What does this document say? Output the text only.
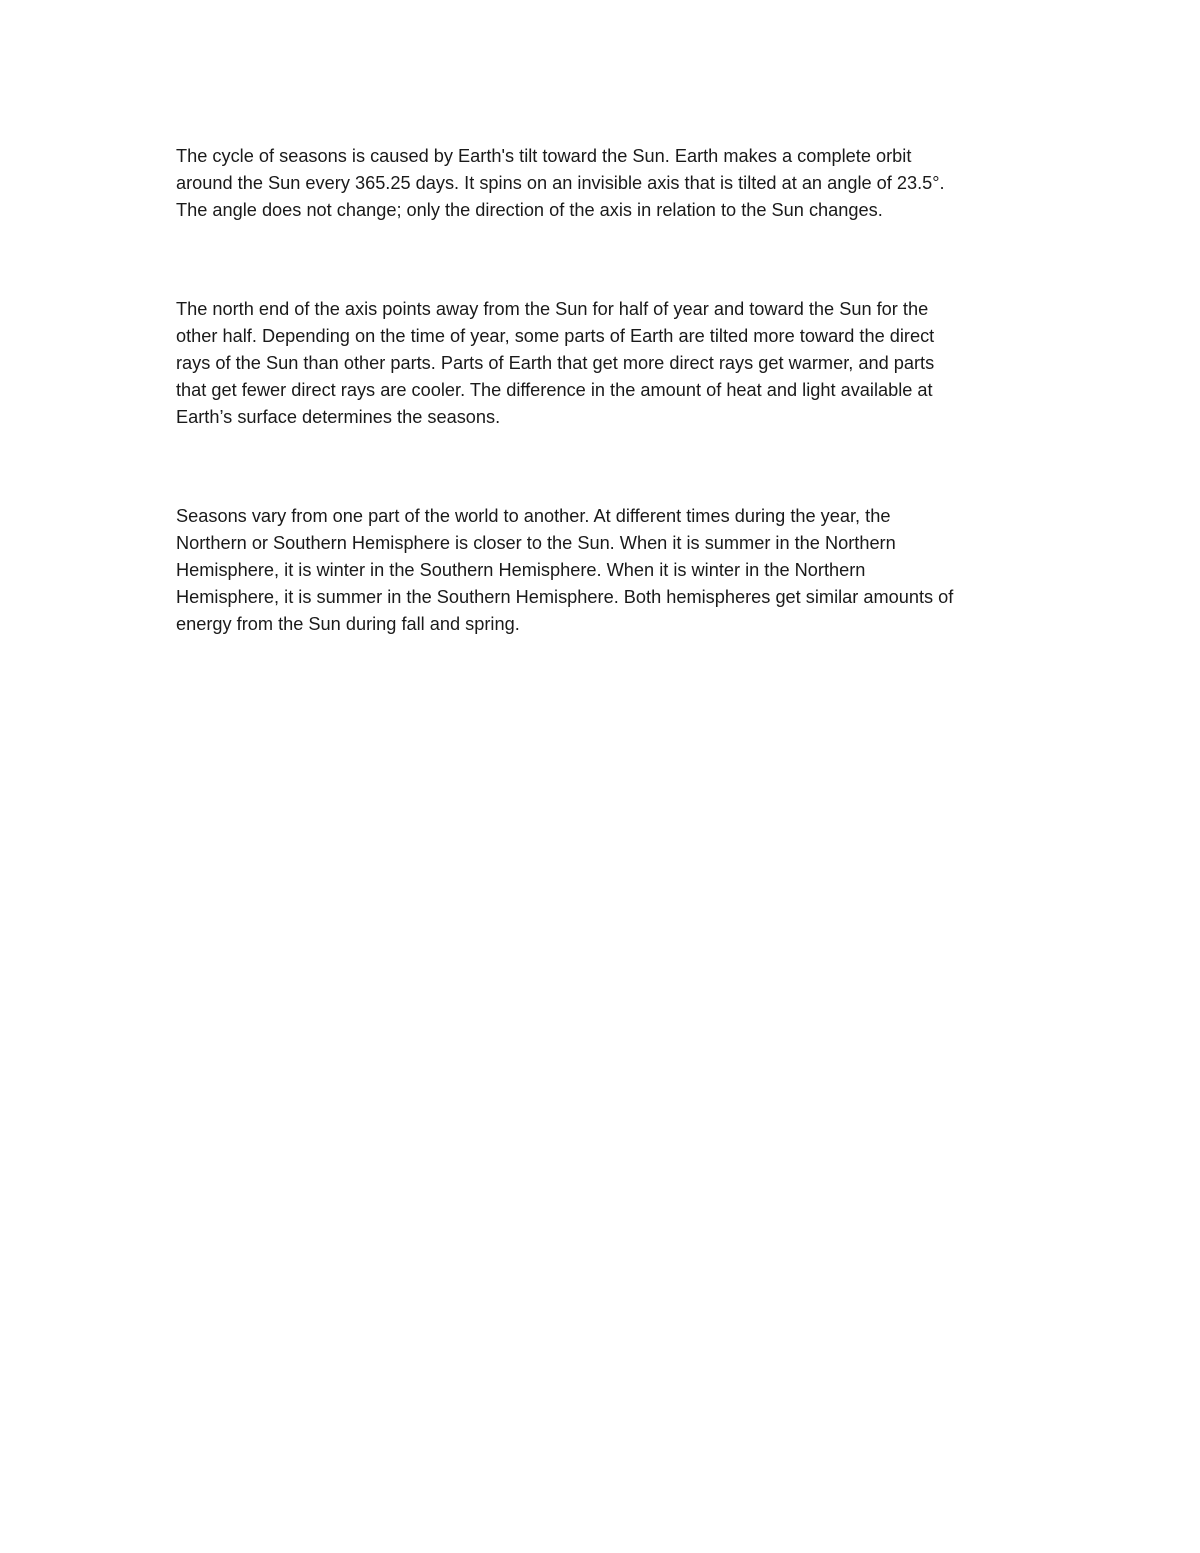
The cycle of seasons is caused by Earth's tilt toward the Sun. Earth makes a complete orbit
around the Sun every 365.25 days. It spins on an invisible axis that is tilted at an angle of 23.5°.
The angle does not change; only the direction of the axis in relation to the Sun changes.

The north end of the axis points away from the Sun for half of year and toward the Sun for the
other half. Depending on the time of year, some parts of Earth are tilted more toward the direct
rays of the Sun than other parts. Parts of Earth that get more direct rays get warmer, and parts
that get fewer direct rays are cooler. The difference in the amount of heat and light available at
Earth’s surface determines the seasons.

Seasons vary from one part of the world to another. At different times during the year, the
Northern or Southern Hemisphere is closer to the Sun. When it is summer in the Northern
Hemisphere, it is winter in the Southern Hemisphere. When it is winter in the Northern
Hemisphere, it is summer in the Southern Hemisphere. Both hemispheres get similar amounts of
energy from the Sun during fall and spring.
